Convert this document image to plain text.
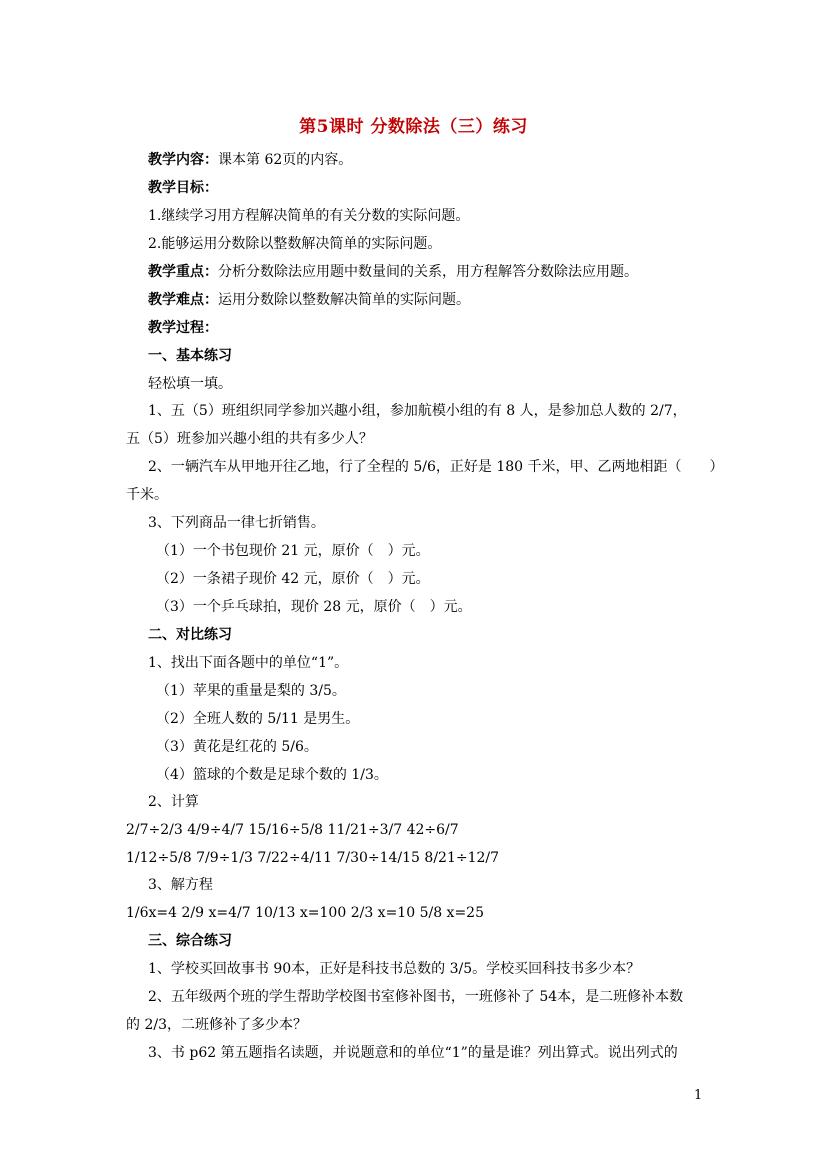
第5课时 分数除法（三）练习
教学内容：课本第 62页的内容。
教学目标：
1.继续学习用方程解决简单的有关分数的实际问题。
2.能够运用分数除以整数解决简单的实际问题。
教学重点：分析分数除法应用题中数量间的关系，用方程解答分数除法应用题。
教学难点：运用分数除以整数解决简单的实际问题。
教学过程：
一、基本练习
轻松填一填。
1、五（5）班组织同学参加兴趣小组，参加航模小组的有 8 人，是参加总人数的 2/7，
五（5）班参加兴趣小组的共有多少人？
2、一辆汽车从甲地开往乙地，行了全程的 5/6，正好是 180 千米，甲、乙两地相距（　　）
千米。
3、下列商品一律七折销售。
（1）一个书包现价 21 元，原价（　）元。
（2）一条裙子现价 42 元，原价（　）元。
（3）一个乒乓球拍，现价 28 元，原价（　）元。
二、对比练习
1、找出下面各题中的单位“1”。
（1）苹果的重量是梨的 3/5。
（2）全班人数的 5/11 是男生。
（3）黄花是红花的 5/6。
（4）篮球的个数是足球个数的 1/3。
2、计算
2/7÷2/3 4/9÷4/7 15/16÷5/8 11/21÷3/7 42÷6/7
1/12÷5/8 7/9÷1/3 7/22÷4/11 7/30÷14/15 8/21÷12/7
3、解方程
1/6x=4 2/9 x=4/7 10/13 x=100 2/3 x=10 5/8 x=25
三、综合练习
1、学校买回故事书 90本，正好是科技书总数的 3/5。学校买回科技书多少本？
2、五年级两个班的学生帮助学校图书室修补图书，一班修补了 54本，是二班修补本数
的 2/3，二班修补了多少本？
3、书 p62 第五题指名读题，并说题意和的单位“1”的量是谁？列出算式。说出列式的
1
